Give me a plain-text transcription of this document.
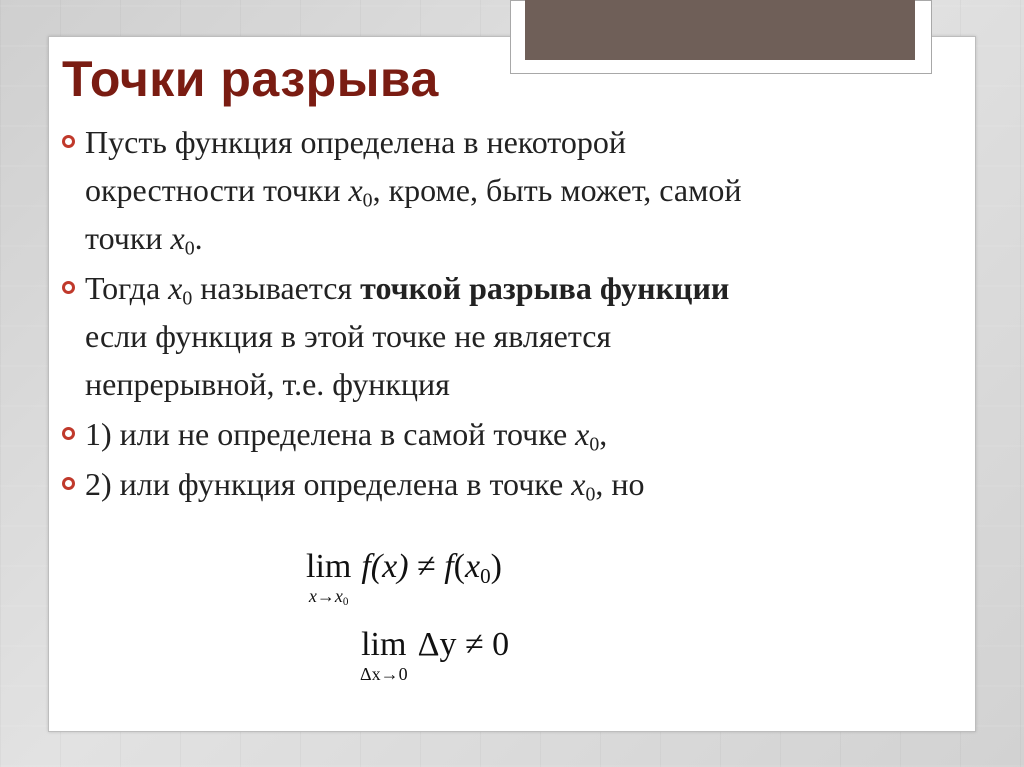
Точки разрыва
Пусть функция определена в некоторой
окрестности точки $x_0$, кроме, быть может, самой
точки $x_0$.
Тогда $x_0$ называется точкой разрыва функции
если функция в этой точке не является
непрерывной, т.е. функция
1) или не определена в самой точке $x_0$,
2) или функция определена в точке $x_0$, но
lim
$x\to x_0$
$f(x) \ne f(x_0)$
lim
Δx→0
Δy ≠ 0
